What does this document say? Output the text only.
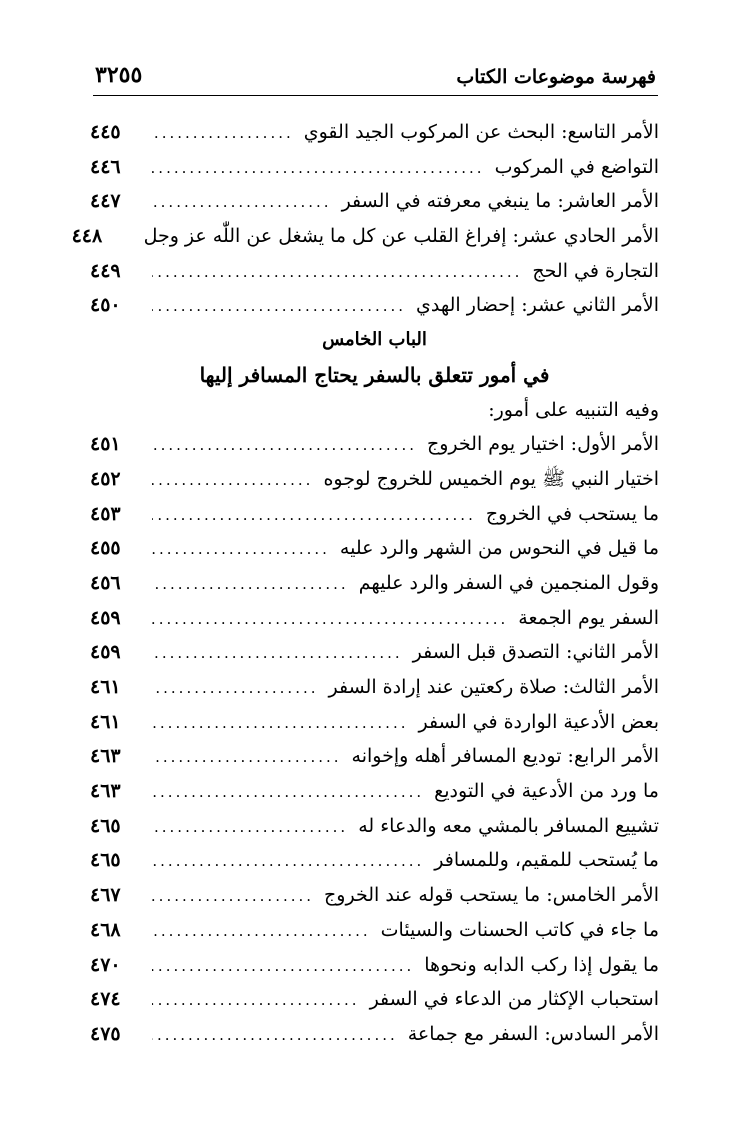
فهرسة موضوعات الكتاب
٣٢٥٥
الأمر التاسع: البحث عن المركوب الجيد القوي
.....
٤٤٥
التواضع في المركوب
.....
٤٤٦
الأمر العاشر: ما ينبغي معرفته في السفر
.....
٤٤٧
الأمر الحادي عشر: إفراغ القلب عن كل ما يشغل عن اللّٰه عز وجل
٤٤٨
التجارة في الحج
.....
٤٤٩
الأمر الثاني عشر: إحضار الهدي
.....
٤٥٠
الباب الخامس
في أمور تتعلق بالسفر يحتاج المسافر إليها
وفيه التنبيه على أمور:
الأمر الأول: اختيار يوم الخروج
.....
٤٥١
اختيار النبي ﷺ يوم الخميس للخروج لوجوه
.....
٤٥٢
ما يستحب في الخروج
.....
٤٥٣
ما قيل في النحوس من الشهر والرد عليه
.....
٤٥٥
وقول المنجمين في السفر والرد عليهم
.....
٤٥٦
السفر يوم الجمعة
.....
٤٥٩
الأمر الثاني: التصدق قبل السفر
.....
٤٥٩
الأمر الثالث: صلاة ركعتين عند إرادة السفر
.....
٤٦١
بعض الأدعية الواردة في السفر
.....
٤٦١
الأمر الرابع: توديع المسافر أهله وإخوانه
.....
٤٦٣
ما ورد من الأدعية في التوديع
.....
٤٦٣
تشييع المسافر بالمشي معه والدعاء له
.....
٤٦٥
ما يُستحب للمقيم، وللمسافر
.....
٤٦٥
الأمر الخامس: ما يستحب قوله عند الخروج
.....
٤٦٧
ما جاء في كاتب الحسنات والسيئات
.....
٤٦٨
ما يقول إذا ركب الدابه ونحوها
.....
٤٧٠
استحباب الإكثار من الدعاء في السفر
.....
٤٧٤
الأمر السادس: السفر مع جماعة
.....
٤٧٥
